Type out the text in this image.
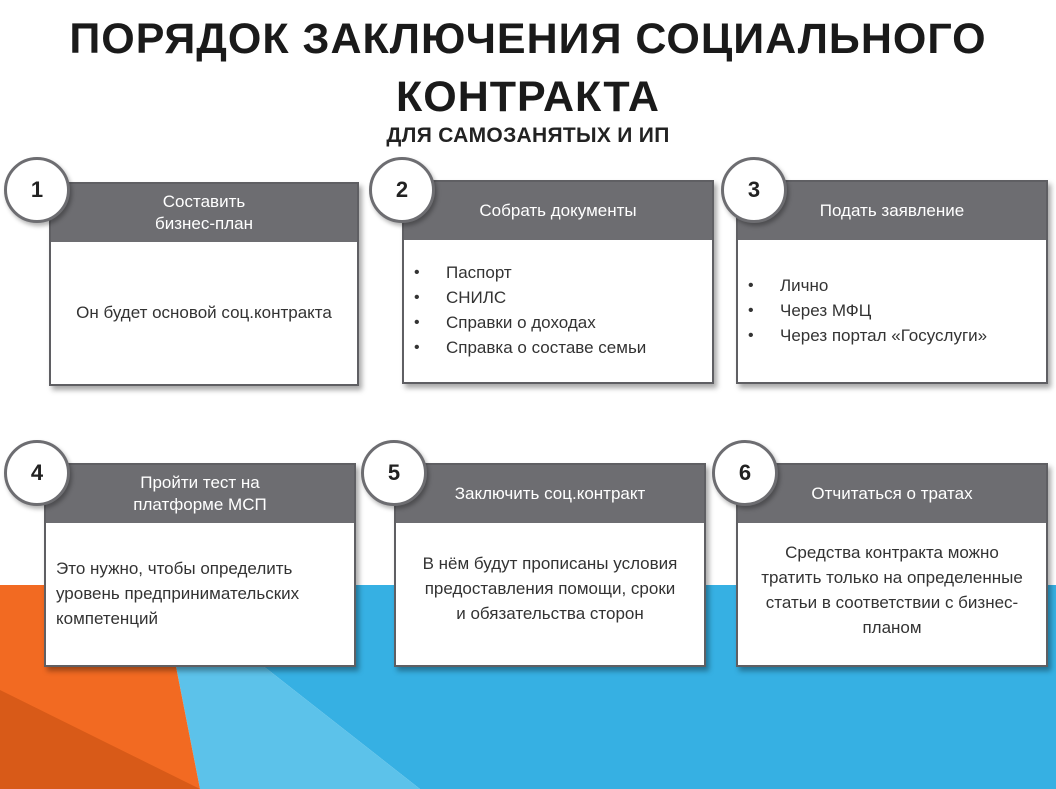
ПОРЯДОК ЗАКЛЮЧЕНИЯ СОЦИАЛЬНОГО
КОНТРАКТА
ДЛЯ САМОЗАНЯТЫХ И ИП
Составить
бизнес-план
Он будет основой соц.контракта
1
Собрать документы
• Паспорт
• СНИЛС
• Справки о доходах
• Справка о составе семьи
2
Подать заявление
• Лично
• Через МФЦ
• Через портал «Госуслуги»
3
Пройти тест на
платформе МСП
Это нужно, чтобы определить
уровень предпринимательских
компетенций
4
Заключить соц.контракт
В нём будут прописаны условия
предоставления помощи, сроки
и обязательства сторон
5
Отчитаться о тратах
Средства контракта можно
тратить только на определенные
статьи в соответствии с бизнес-
планом
6
